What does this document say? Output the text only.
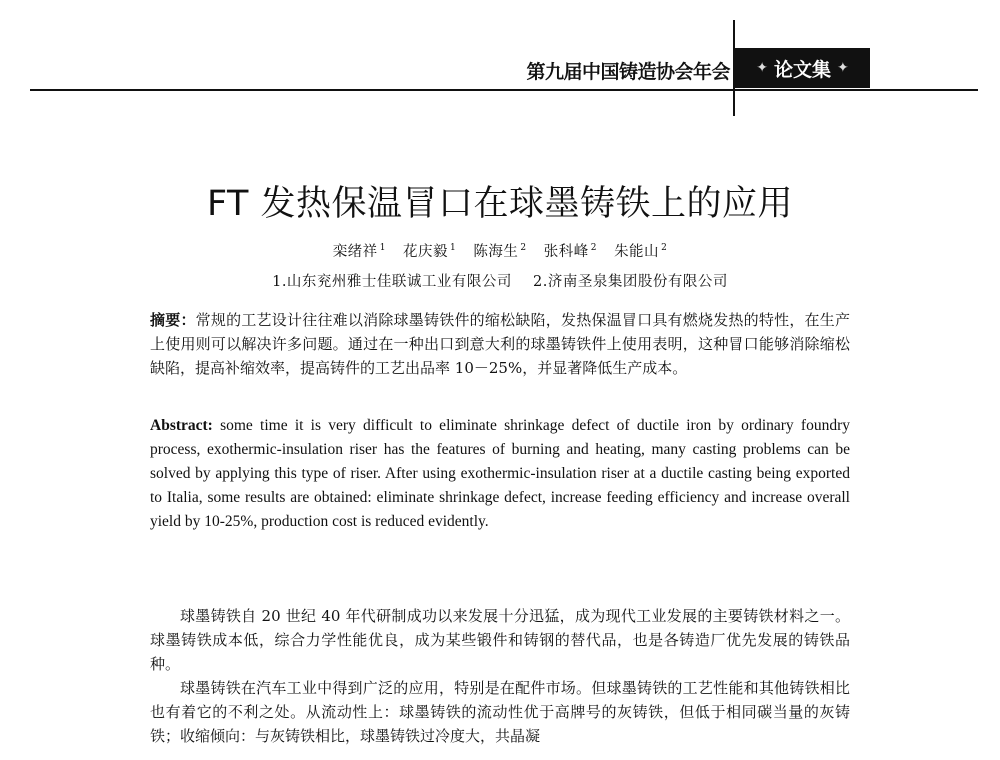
第九届中国铸造协会年会 ✦ 论文集 ✦
FT 发热保温冒口在球墨铸铁上的应用
栾绪祥 $^1$ 花庆毅 $^1$ 陈海生 $^2$ 张科峰 $^2$ 朱能山 $^2$
1.山东兖州雅士佳联诚工业有限公司 2.济南圣泉集团股份有限公司

摘要：常规的工艺设计往往难以消除球墨铸铁件的缩松缺陷，发热保温冒口具有燃烧发热的特性，在生产上使用则可以解决许多问题。通过在一种出口到意大利的球墨铸铁件上使用表明，这种冒口能够消除缩松缺陷，提高补缩效率，提高铸件的工艺出品率 10－25%，并显著降低生产成本。

Abstract: some time it is very difficult to eliminate shrinkage defect of ductile iron by ordinary foundry process, exothermic-insulation riser has the features of burning and heating, many casting problems can be solved by applying this type of riser. After using exothermic-insulation riser at a ductile casting being exported to Italia, some results are obtained: eliminate shrinkage defect, increase feeding efficiency and increase overall yield by 10-25%, production cost is reduced evidently.

球墨铸铁自 20 世纪 40 年代研制成功以来发展十分迅猛，成为现代工业发展的主要铸铁材料之一。球墨铸铁成本低，综合力学性能优良，成为某些锻件和铸钢的替代品，也是各铸造厂优先发展的铸铁品种。

球墨铸铁在汽车工业中得到广泛的应用，特别是在配件市场。但球墨铸铁的工艺性能和其他铸铁相比也有着它的不利之处。从流动性上：球墨铸铁的流动性优于高牌号的灰铸铁，但低于相同碳当量的灰铸铁；收缩倾向：与灰铸铁相比，球墨铸铁过冷度大，共晶凝
